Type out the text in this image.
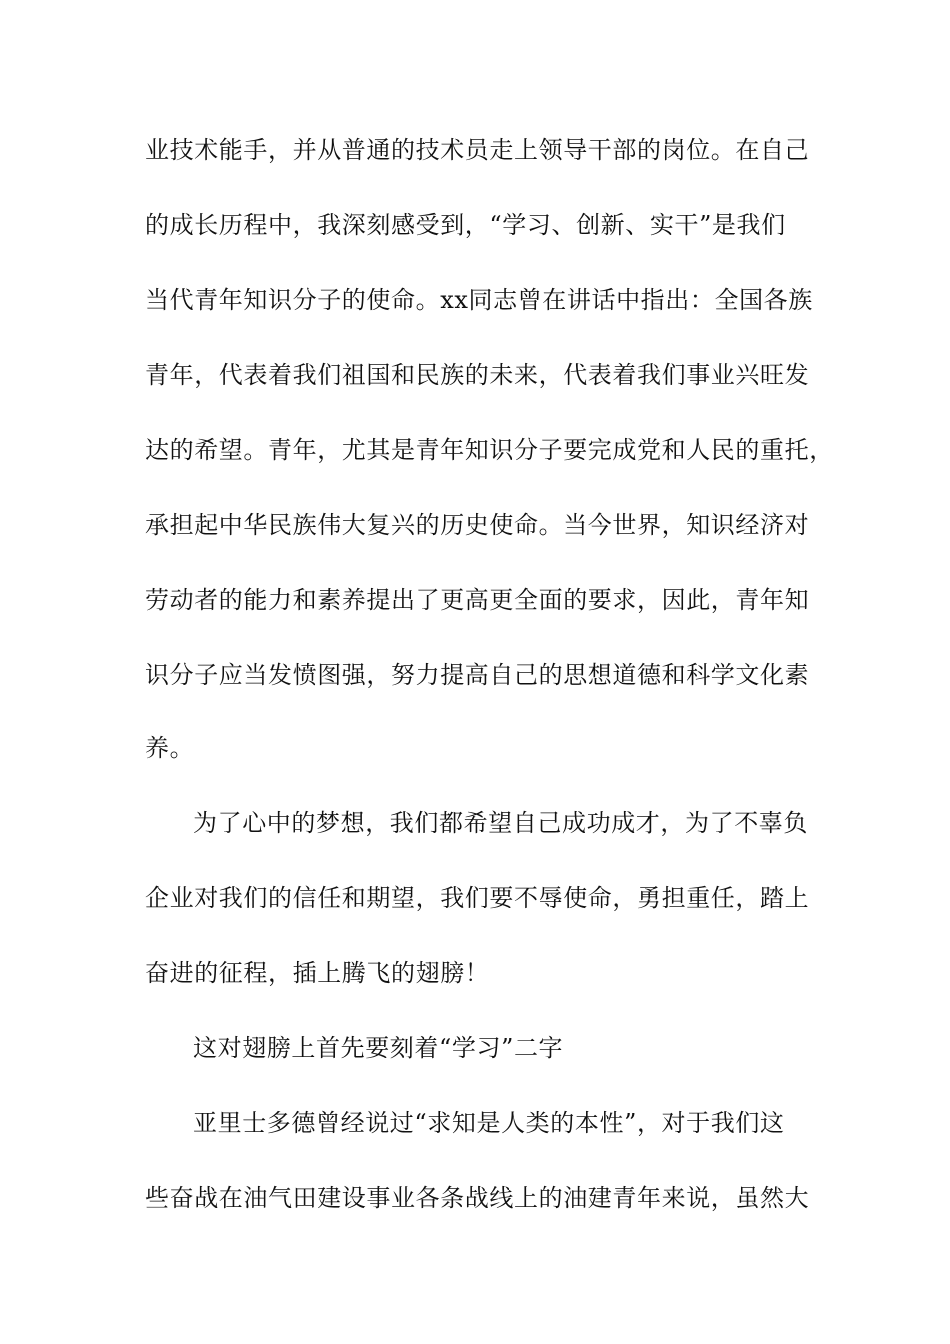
业技术能手，并从普通的技术员走上领导干部的岗位。在自己
的成长历程中，我深刻感受到，“学习、创新、实干”是我们
当代青年知识分子的使命。xx同志曾在讲话中指出：全国各族
青年，代表着我们祖国和民族的未来，代表着我们事业兴旺发
达的希望。青年，尤其是青年知识分子要完成党和人民的重托，
承担起中华民族伟大复兴的历史使命。当今世界，知识经济对
劳动者的能力和素养提出了更高更全面的要求，因此，青年知
识分子应当发愤图强，努力提高自己的思想道德和科学文化素
养。
为了心中的梦想，我们都希望自己成功成才，为了不辜负
企业对我们的信任和期望，我们要不辱使命，勇担重任，踏上
奋进的征程，插上腾飞的翅膀！
这对翅膀上首先要刻着“学习”二字
亚里士多德曾经说过“求知是人类的本性”，对于我们这
些奋战在油气田建设事业各条战线上的油建青年来说，虽然大
